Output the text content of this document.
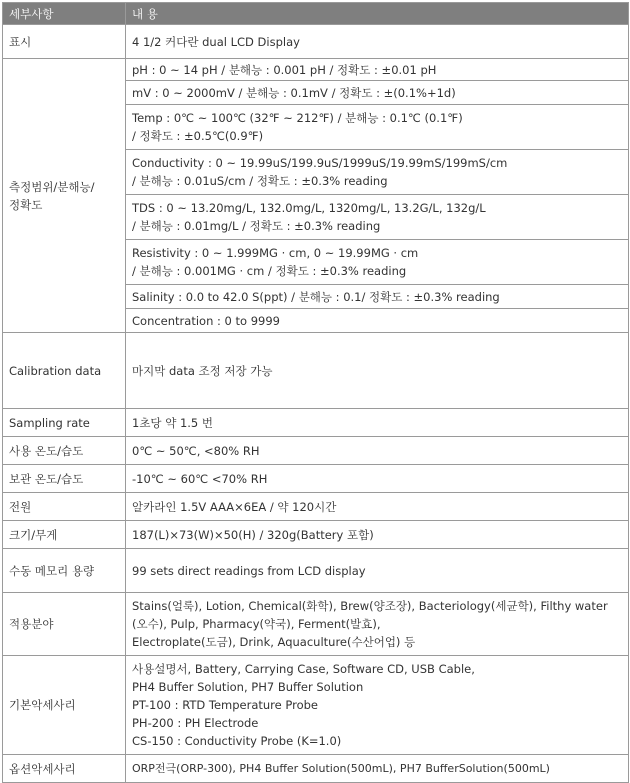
세부사항	내 용
표시	4 1/2 커다란 dual LCD Display
측정범위/분해능/정확도	pH : 0 ~ 14 pH / 분해능 : 0.001 pH / 정확도 : ±0.01 pH

	mV : 0 ~ 2000mV / 분해능 : 0.1mV / 정확도 : ±(0.1%+1d)

	Temp : 0℃ ~ 100℃ (32℉ ~ 212℉) / 분해능 : 0.1℃ (0.1℉)
/ 정확도 : ±0.5℃(0.9℉)

	Conductivity : 0 ~ 19.99uS/199.9uS/1999uS/19.99mS/199mS/cm
/ 분해능 : 0.01uS/cm / 정확도 : ±0.3% reading

	TDS : 0 ~ 13.20mg/L, 132.0mg/L, 1320mg/L, 13.2G/L, 132g/L
/ 분해능 : 0.01mg/L / 정확도 : ±0.3% reading

	Resistivity : 0 ~ 1.999MG · cm, 0 ~ 19.99MG · cm
/ 분해능 : 0.001MG · cm / 정확도 : ±0.3% reading

	Salinity : 0.0 to 42.0 S(ppt) / 분해능 : 0.1/ 정확도 : ±0.3% reading

	Concentration : 0 to 9999

Calibration data	마지막 data 조정 저장 가능
Sampling rate	1초당 약 1.5 번
사용 온도/습도	0℃ ~ 50℃, <80% RH
보관 온도/습도	-10℃ ~ 60℃ <70% RH
전원	알카라인 1.5V AAA×6EA / 약 120시간
크기/무게	187(L)×73(W)×50(H) / 320g(Battery 포함)
수동 메모리 용량	99 sets direct readings from LCD display
적용분야	Stains(얼룩), Lotion, Chemical(화학), Brew(양조장), Bacteriology(세균학), Filthy water
(오수), Pulp, Pharmacy(약국), Ferment(발효),
Electroplate(도금), Drink, Aquaculture(수산어업) 등

기본악세사리	사용설명서, Battery, Carrying Case, Software CD, USB Cable,
PH4 Buffer Solution, PH7 Buffer Solution
PT-100 : RTD Temperature Probe
PH-200 : PH Electrode
CS-150 : Conductivity Probe (K=1.0)

옵션악세사리	ORP전극(ORP-300), PH4 Buffer Solution(500mL), PH7 BufferSolution(500mL)
